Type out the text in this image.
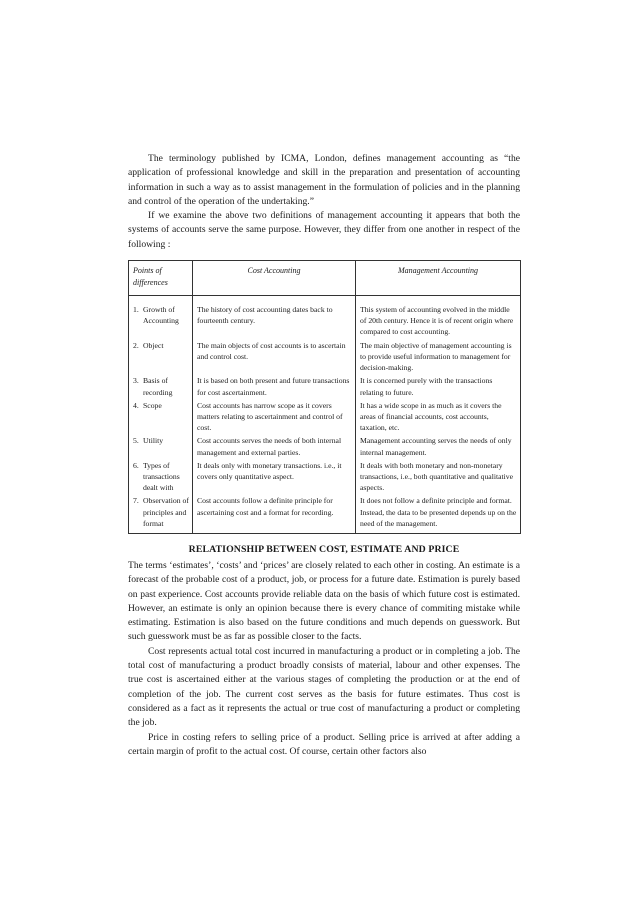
The terminology published by ICMA, London, defines management accounting as “the application of professional knowledge and skill in the preparation and presentation of accounting information in such a way as to assist management in the formulation of policies and in the planning and control of the operation of the undertaking.”

If we examine the above two definitions of management accounting it appears that both the systems of accounts serve the same purpose. However, they differ from one another in respect of the following :

Points of differences	Cost Accounting	Management Accounting

1. Growth of Accounting	The history of cost accounting dates back to fourteenth century.	This system of accounting evolved in the middle of 20th century. Hence it is of recent origin where compared to cost accounting.

2. Object	The main objects of cost accounts is to ascertain and control cost.	The main objective of management accounting is to provide useful information to management for decision-making.

3. Basis of recording	It is based on both present and future transactions for cost ascertainment.	It is concerned purely with the transactions relating to future.

4. Scope	Cost accounts has narrow scope as it covers matters relating to ascertainment and control of cost.	It has a wide scope in as much as it covers the areas of financial accounts, cost accounts, taxation, etc.

5. Utility	Cost accounts serves the needs of both internal management and external parties.	Management accounting serves the needs of only internal management.

6. Types of transactions dealt with	It deals only with monetary transactions. i.e., it covers only quantitative aspect.	It deals with both monetary and non-monetary transactions, i.e., both quantitative and qualitative aspects.

7. Observation of principles and format	Cost accounts follow a definite principle for ascertaining cost and a format for recording.	It does not follow a definite principle and format. Instead, the data to be presented depends up on the need of the management.
RELATIONSHIP BETWEEN COST, ESTIMATE AND PRICE

The terms ‘estimates’, ‘costs’ and ‘prices’ are closely related to each other in costing. An estimate is a forecast of the probable cost of a product, job, or process for a future date. Estimation is purely based on past experience. Cost accounts provide reliable data on the basis of which future cost is estimated. However, an estimate is only an opinion because there is every chance of commiting mistake while estimating. Estimation is also based on the future conditions and much depends on guesswork. But such guesswork must be as far as possible closer to the facts.

Cost represents actual total cost incurred in manufacturing a product or in completing a job. The total cost of manufacturing a product broadly consists of material, labour and other expenses. The true cost is ascertained either at the various stages of completing the production or at the end of completion of the job. The current cost serves as the basis for future estimates. Thus cost is considered as a fact as it represents the actual or true cost of manufacturing a product or completing the job.

Price in costing refers to selling price of a product. Selling price is arrived at after adding a certain margin of profit to the actual cost. Of course, certain other factors also
